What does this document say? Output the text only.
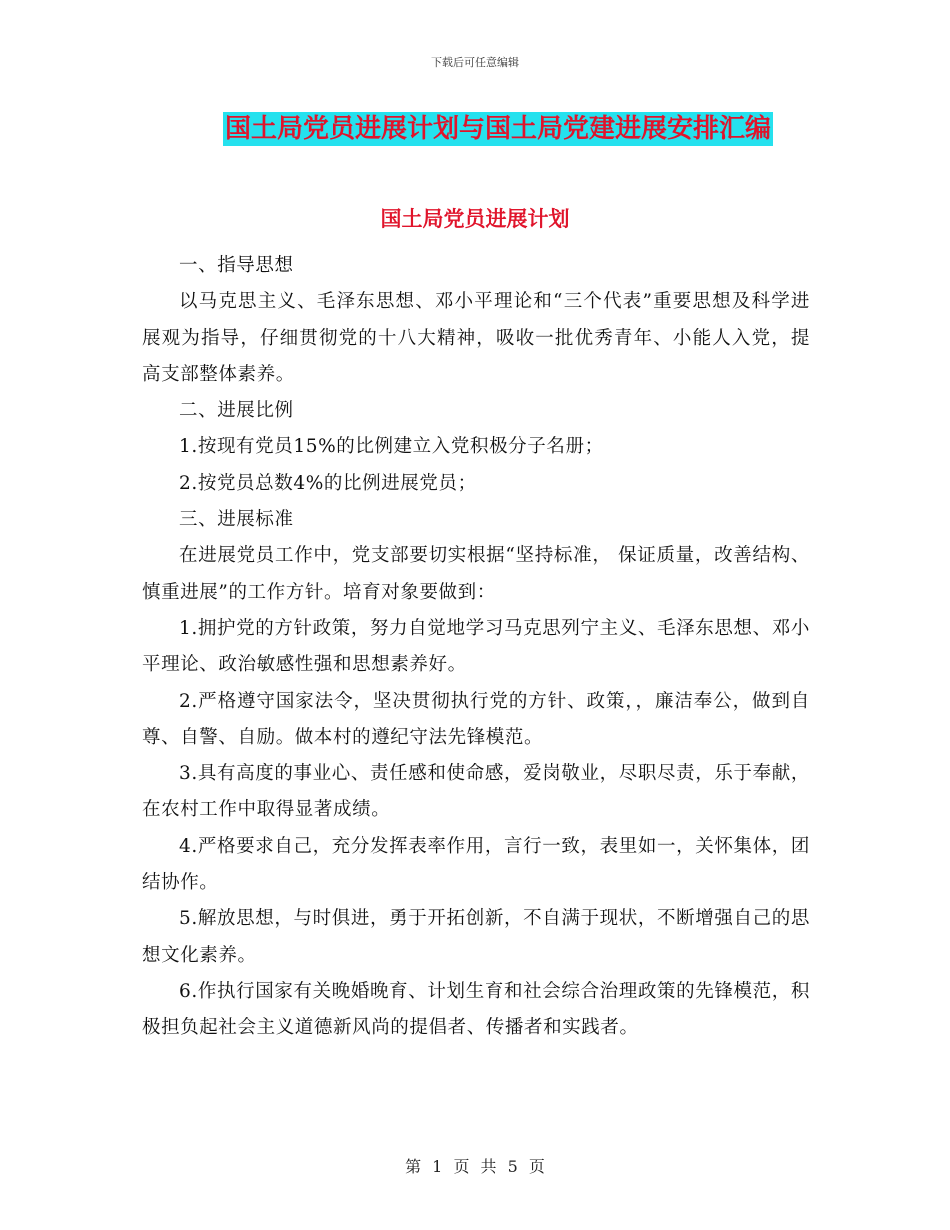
下载后可任意编辑
国土局党员进展计划与国土局党建进展安排汇编
国土局党员进展计划

一、指导思想

以马克思主义、毛泽东思想、邓小平理论和“三个代表”重要思想及科学进展观为指导，仔细贯彻党的十八大精神，吸收一批优秀青年、小能人入党，提高支部整体素养。

二、进展比例

1.按现有党员15%的比例建立入党积极分子名册；

2.按党员总数4%的比例进展党员；

三、进展标准

在进展党员工作中，党支部要切实根据“坚持标准， 保证质量，改善结构、慎重进展”的工作方针。培育对象要做到：

1.拥护党的方针政策，努力自觉地学习马克思列宁主义、毛泽东思想、邓小平理论、政治敏感性强和思想素养好。

2.严格遵守国家法令，坚决贯彻执行党的方针、政策，，廉洁奉公，做到自尊、自警、自励。做本村的遵纪守法先锋模范。

3.具有高度的事业心、责任感和使命感，爱岗敬业，尽职尽责，乐于奉献，在农村工作中取得显著成绩。

4.严格要求自己，充分发挥表率作用，言行一致，表里如一，关怀集体，团结协作。

5.解放思想，与时俱进，勇于开拓创新，不自满于现状，不断增强自己的思想文化素养。

6.作执行国家有关晚婚晚育、计划生育和社会综合治理政策的先锋模范，积极担负起社会主义道德新风尚的提倡者、传播者和实践者。

第 1 页 共 5 页
